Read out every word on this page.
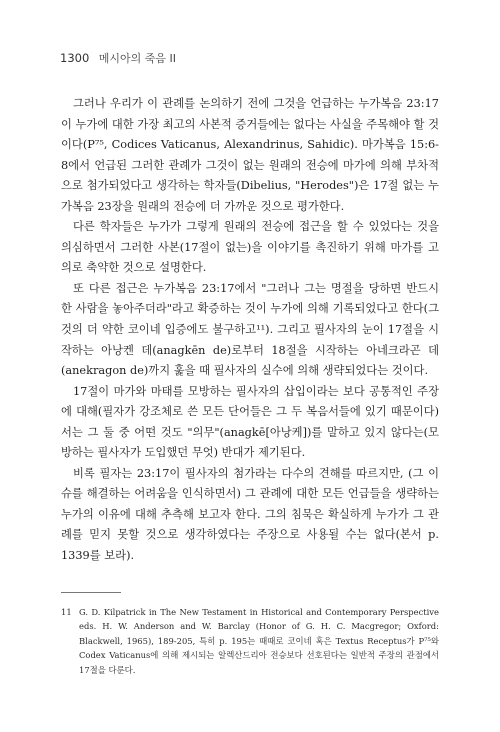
1300 메시아의 죽음 II

그러나 우리가 이 관례를 논의하기 전에 그것을 언급하는 누가복음 23:17이 누가에 대한 가장 최고의 사본적 증거들에는 없다는 사실을 주목해야 할 것이다(P⁷⁵, Codices Vaticanus, Alexandrinus, Sahidic). 마가복음 15:6-8에서 언급된 그러한 관례가 그것이 없는 원래의 전승에 마가에 의해 부차적으로 첨가되었다고 생각하는 학자들(Dibelius, "Herodes")은 17절 없는 누가복음 23장을 원래의 전승에 더 가까운 것으로 평가한다.

다른 학자들은 누가가 그렇게 원래의 전승에 접근을 할 수 있었다는 것을 의심하면서 그러한 사본(17절이 없는)을 이야기를 촉진하기 위해 마가를 고의로 축약한 것으로 설명한다.

또 다른 접근은 누가복음 23:17에서 "그러나 그는 명절을 당하면 반드시 한 사람을 놓아주더라"라고 확증하는 것이 누가에 의해 기록되었다고 한다(그것의 더 약한 코이네 입증에도 불구하고¹¹). 그리고 필사자의 눈이 17절을 시작하는 아낭켄 데(anagkēn de)로부터 18절을 시작하는 아네크라곤 데(anekragon de)까지 훑을 때 필사자의 실수에 의해 생략되었다는 것이다.

17절이 마가와 마태를 모방하는 필사자의 삽입이라는 보다 공통적인 주장에 대해(필자가 강조체로 쓴 모든 단어들은 그 두 복음서들에 있기 때문이다)서는 그 둘 중 어떤 것도 "의무"(anagkē[아낭케])를 말하고 있지 않다는(모방하는 필사자가 도입했던 무엇) 반대가 제기된다.

비록 필자는 23:17이 필사자의 첨가라는 다수의 견해를 따르지만, (그 이슈를 해결하는 어려움을 인식하면서) 그 관례에 대한 모든 언급들을 생략하는 누가의 이유에 대해 추측해 보고자 한다. 그의 침묵은 확실하게 누가가 그 관례를 믿지 못할 것으로 생각하였다는 주장으로 사용될 수는 없다(본서 p. 1339를 보라).

11 G. D. Kilpatrick in The New Testament in Historical and Contemporary Perspective eds. H. W. Anderson and W. Barclay (Honor of G. H. C. Macgregor; Oxford: Blackwell, 1965), 189-205, 특히 p. 195는 때때로 코이네 혹은 Textus Receptus가 P⁷⁵와 Codex Vaticanus에 의해 제시되는 알렉산드리아 전승보다 선호된다는 일반적 주장의 관점에서 17절을 다룬다.
